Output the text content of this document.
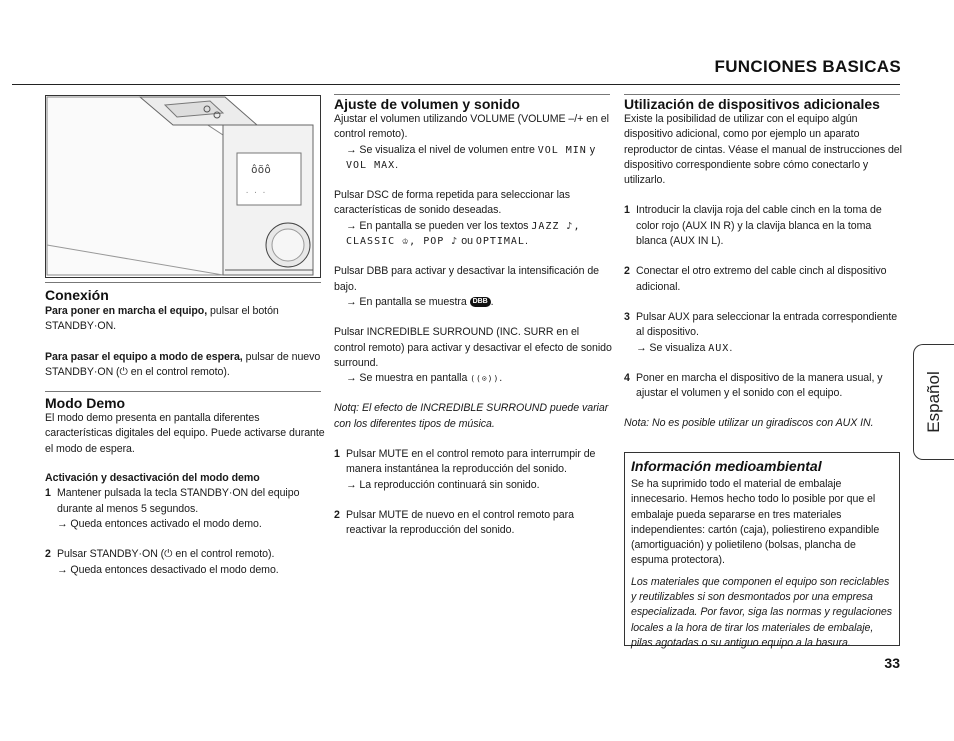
FUNCIONES BASICAS
ôõô
· · ·
Conexión

Para poner en marcha el equipo, pulsar el botón STANDBY·ON.

Para pasar el equipo a modo de espera, pulsar de nuevo STANDBY·ON (⏻ en el control remoto).

Modo Demo

El modo demo presenta en pantalla diferentes características digitales del equipo. Puede activarse durante el modo de espera.

Activación y desactivación del modo demo

1 Mantener pulsada la tecla STANDBY·ON del equipo durante al menos 5 segundos.

→ Queda entonces activado el modo demo.

2 Pulsar STANDBY·ON (⏻ en el control remoto).

→ Queda entonces desactivado el modo demo.

Ajuste de volumen y sonido

Ajustar el volumen utilizando VOLUME (VOLUME –/+ en el control remoto).

→ Se visualiza el nivel de volumen entre VOL MIN y VOL MAX.

Pulsar DSC de forma repetida para seleccionar las características de sonido deseadas.

→ En pantalla se pueden ver los textos JAZZ ♪, CLASSIC ♔, POP ♪ ou OPTIMAL.

Pulsar DBB para activar y desactivar la intensificación de bajo.

→ En pantalla se muestra DBB .

Pulsar INCREDIBLE SURROUND (INC. SURR en el control remoto) para activar y desactivar el efecto de sonido surround.

→ Se muestra en pantalla ((⊙)).

Notq: El efecto de INCREDIBLE SURROUND puede variar con los diferentes tipos de música.

1 Pulsar MUTE en el control remoto para interrumpir de manera instantánea la reproducción del sonido.

→ La reproducción continuará sin sonido.

2 Pulsar MUTE de nuevo en el control remoto para reactivar la reproducción del sonido.
Utilización de dispositivos adicionales

Existe la posibilidad de utilizar con el equipo algún dispositivo adicional, como por ejemplo un aparato reproductor de cintas. Véase el manual de instrucciones del dispositivo correspondiente sobre cómo conectarlo y utilizarlo.

1 Introducir la clavija roja del cable cinch en la toma de color rojo (AUX IN R) y la clavija blanca en la toma blanca (AUX IN L).
2 Conectar el otro extremo del cable cinch al dispositivo adicional.
3 Pulsar AUX para seleccionar la entrada correspondiente al dispositivo.

→ Se visualiza AUX.

4 Poner en marcha el dispositivo de la manera usual, y ajustar el volumen y el sonido con el equipo.

Nota: No es posible utilizar un giradiscos con AUX IN.

Información medioambiental

Se ha suprimido todo el material de embalaje innecesario. Hemos hecho todo lo posible por que el embalaje pueda separarse en tres materiales independientes: cartón (caja), poliestireno expandible (amortiguación) y polietileno (bolsas, plancha de espuma protectora).

Los materiales que componen el equipo son reciclables y reutilizables si son desmontados por una empresa especializada. Por favor, siga las normas y regulaciones locales a la hora de tirar los materiales de embalaje, pilas agotadas o su antiguo equipo a la basura.

Español
33
